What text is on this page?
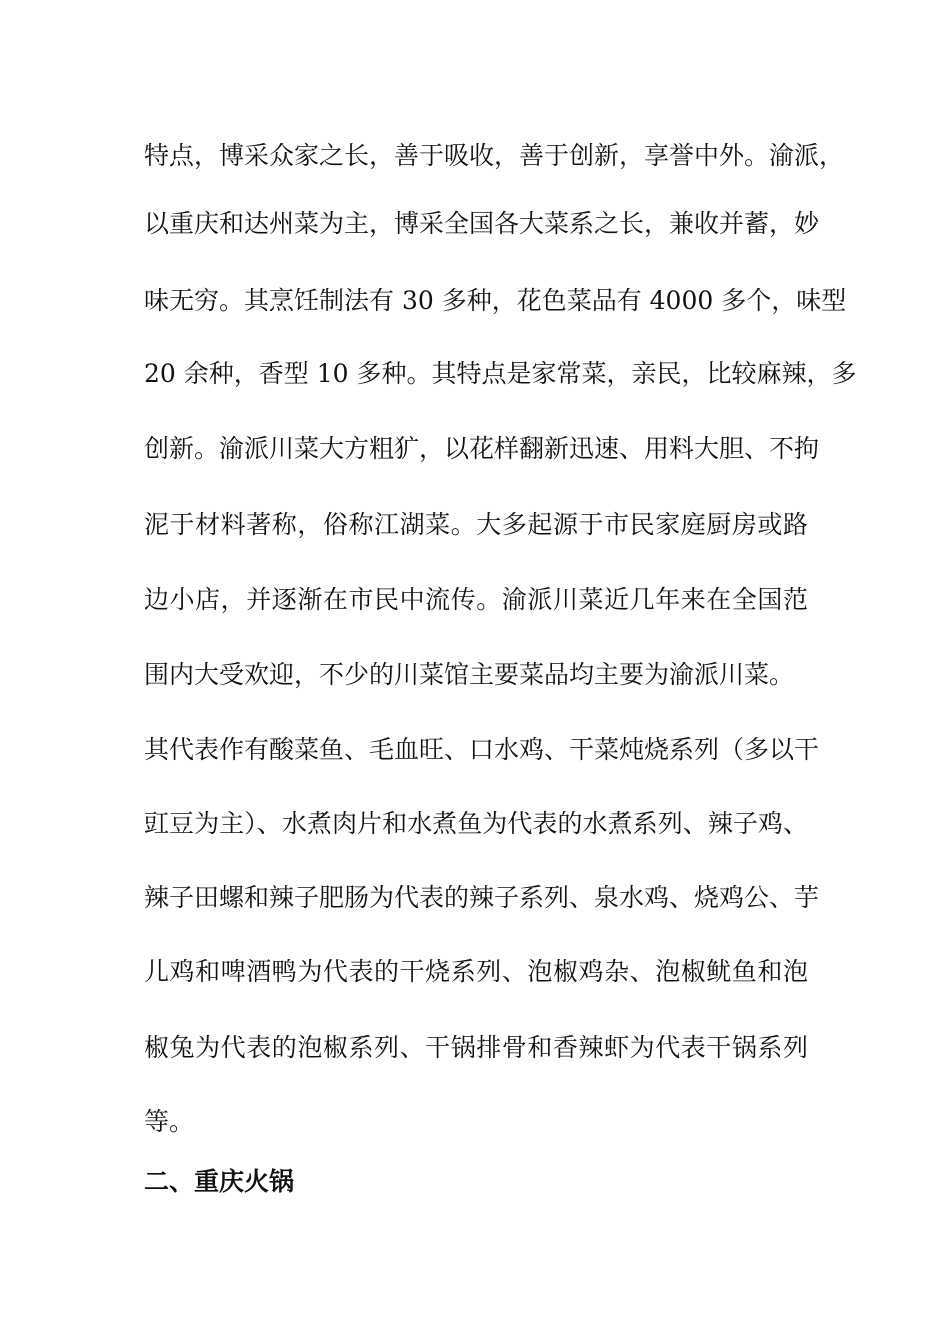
特点，博采众家之长，善于吸收，善于创新，享誉中外。渝派，
以重庆和达州菜为主，博采全国各大菜系之长，兼收并蓄，妙
味无穷。其烹饪制法有 30 多种，花色菜品有 4000 多个，味型
20 余种，香型 10 多种。其特点是家常菜，亲民，比较麻辣，多
创新。渝派川菜大方粗犷，以花样翻新迅速、用料大胆、不拘
泥于材料著称，俗称江湖菜。大多起源于市民家庭厨房或路
边小店，并逐渐在市民中流传。渝派川菜近几年来在全国范
围内大受欢迎，不少的川菜馆主要菜品均主要为渝派川菜。
其代表作有酸菜鱼、毛血旺、口水鸡、干菜炖烧系列（多以干
豇豆为主）、水煮肉片和水煮鱼为代表的水煮系列、辣子鸡、
辣子田螺和辣子肥肠为代表的辣子系列、泉水鸡、烧鸡公、芋
儿鸡和啤酒鸭为代表的干烧系列、泡椒鸡杂、泡椒鱿鱼和泡
椒兔为代表的泡椒系列、干锅排骨和香辣虾为代表干锅系列
等。
二、重庆火锅
